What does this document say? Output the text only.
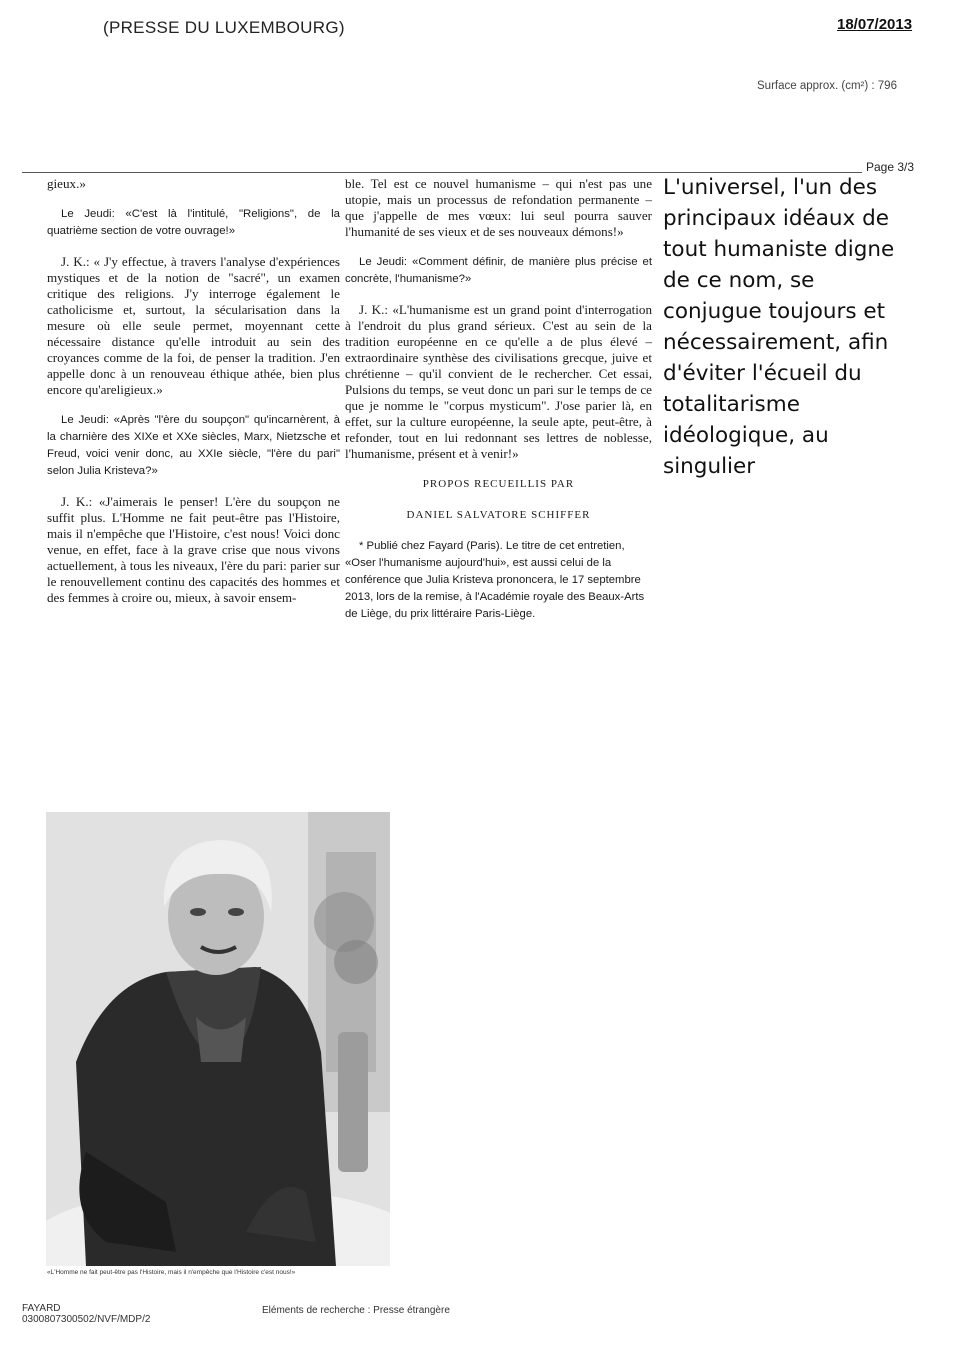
(PRESSE DU LUXEMBOURG)	18/07/2013
Surface approx. (cm²) : 796
Page 3/3

gieux.»

Le Jeudi: «C'est là l'intitulé, "Religions", de la quatrième section de votre ouvrage!»

J. K.: « J'y effectue, à travers l'analyse d'expériences mystiques et de la notion de "sacré", un examen critique des religions. J'y interroge également le catholicisme et, surtout, la sécularisation dans la mesure où elle seule permet, moyennant cette nécessaire distance qu'elle introduit au sein des croyances comme de la foi, de penser la tradition. J'en appelle donc à un renouveau éthique athée, bien plus encore qu'areligieux.»

Le Jeudi: «Après "l'ère du soupçon" qu'incarnèrent, à la charnière des XIXe et XXe siècles, Marx, Nietzsche et Freud, voici venir donc, au XXIe siècle, "l'ère du pari" selon Julia Kristeva?»

J. K.: «J'aimerais le penser! L'ère du soupçon ne suffit plus. L'Homme ne fait peut-être pas l'Histoire, mais il n'empêche que l'Histoire, c'est nous! Voici donc venue, en effet, face à la grave crise que nous vivons actuellement, à tous les niveaux, l'ère du pari: parier sur le renouvellement continu des capacités des hommes et des femmes à croire ou, mieux, à savoir ensem-

ble. Tel est ce nouvel humanisme – qui n'est pas une utopie, mais un processus de refondation permanente – que j'appelle de mes vœux: lui seul pourra sauver l'humanité de ses vieux et de ses nouveaux démons!»

Le Jeudi: «Comment définir, de manière plus précise et concrète, l'humanisme?»

J. K.: «L'humanisme est un grand point d'interrogation à l'endroit du plus grand sérieux. C'est au sein de la tradition européenne en ce qu'elle a de plus élevé – extraordinaire synthèse des civilisations grecque, juive et chrétienne – qu'il convient de le rechercher. Cet essai, Pulsions du temps, se veut donc un pari sur le temps de ce que je nomme le "corpus mysticum". J'ose parier là, en effet, sur la culture européenne, la seule apte, peut-être, à refonder, tout en lui redonnant ses lettres de noblesse, l'humanisme, présent et à venir!»

PROPOS RECUEILLIS PAR

DANIEL SALVATORE SCHIFFER

* Publié chez Fayard (Paris). Le titre de cet entretien, «Oser l'humanisme aujourd'hui», est aussi celui de la conférence que Julia Kristeva prononcera, le 17 septembre 2013, lors de la remise, à l'Académie royale des Beaux-Arts de Liège, du prix littéraire Paris-Liège.

L'universel, l'un des principaux idéaux de tout humaniste digne de ce nom, se conjugue toujours et nécessairement, afin d'éviter l'écueil du totalitarisme idéologique, au singulier
«L'Homme ne fait peut-être pas l'Histoire, mais il n'empêche que l'Histoire c'est nous!»
FAYARD
0300807300502/NVF/MDP/2
Eléments de recherche : Presse étrangère
